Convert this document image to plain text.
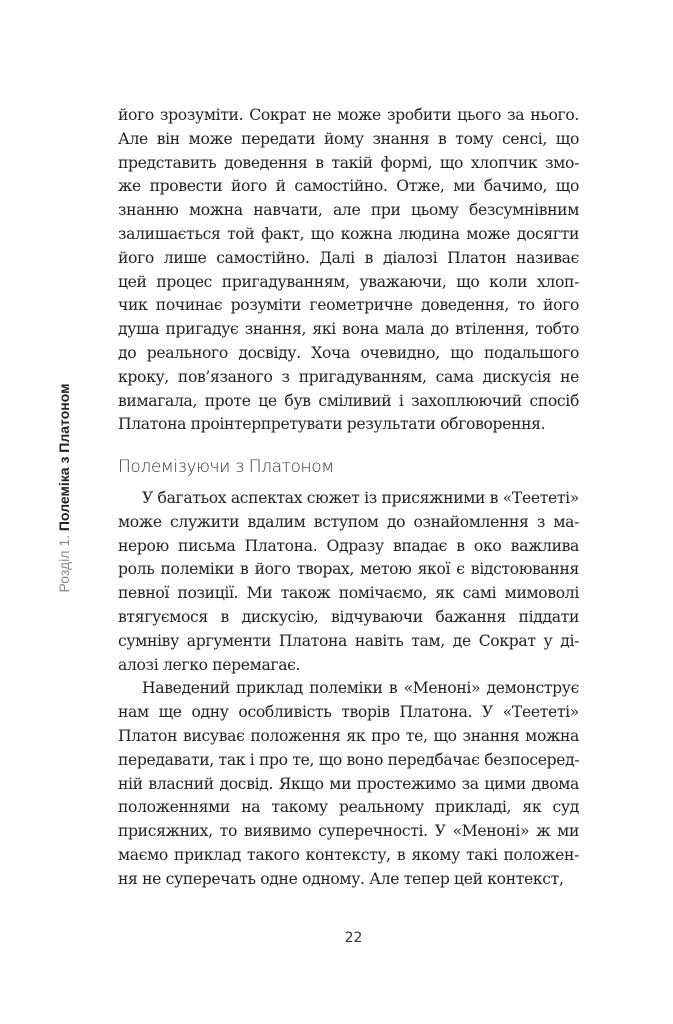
Розділ 1. Полеміка з Платоном
його зрозуміти. Сократ не може зробити цього за нього.
Але він може передати йому знання в тому сенсі, що
представить доведення в такій формі, що хлопчик змо-
же провести його й самостійно. Отже, ми бачимо, що
знанню можна навчати, але при цьому безсумнівним
залишається той факт, що кожна людина може досягти
його лише самостійно. Далі в діалозі Платон називає
цей процес пригадуванням, уважаючи, що коли хлоп-
чик починає розуміти геометричне доведення, то його
душа пригадує знання, які вона мала до втілення, тобто
до реального досвіду. Хоча очевидно, що подальшого
кроку, пов’язаного з пригадуванням, сама дискусія не
вимагала, проте це був сміливий і захоплюючий спосіб
Платона проінтерпретувати результати обговорення.
Полемізуючи з Платоном
У багатьох аспектах сюжет із присяжними в «Теететі»
може служити вдалим вступом до ознайомлення з ма-
нерою письма Платона. Одразу впадає в око важлива
роль полеміки в його творах, метою якої є відстоювання
певної позиції. Ми також помічаємо, як самі мимоволі
втягуємося в дискусію, відчуваючи бажання піддати
сумніву аргументи Платона навіть там, де Сократ у ді-
алозі легко перемагає.
Наведений приклад полеміки в «Меноні» демонструє
нам ще одну особливість творів Платона. У «Теететі»
Платон висуває положення як про те, що знання можна
передавати, так і про те, що воно передбачає безпосеред-
ній власний досвід. Якщо ми простежимо за цими двома
положеннями на такому реальному прикладі, як суд
присяжних, то виявимо суперечності. У «Меноні» ж ми
маємо приклад такого контексту, в якому такі положен-
ня не суперечать одне одному. Але тепер цей контекст,
22
